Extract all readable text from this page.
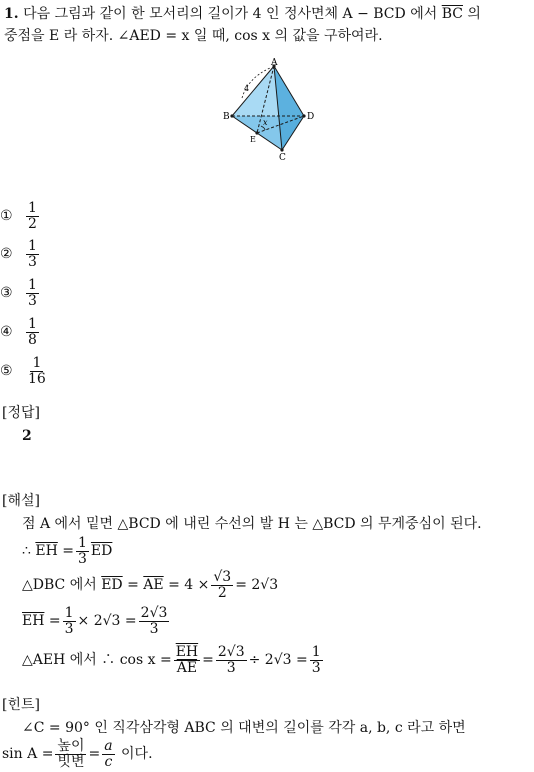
1. 다음 그림과 같이 한 모서리의 길이가 4 인 정사면체 A − BCD 에서 $\overline{BC}$ 의
중점을 E 라 하자. ∠AED = x 일 때, cos x 의 값을 구하여라.
A
B
C
D
E
x
4
① $\frac{1}{2}$
② $\frac{1}{3}$
③ $\frac{1}{3}$
④ $\frac{1}{8}$
⑤ $\frac{1}{16}$
[정답]
2
[해설]
점 A 에서 밑면 △BCD 에 내린 수선의 발 H 는 △BCD 의 무게중심이 된다.
∴
$\overline{EH}$
= $\frac{1}{3} \overline{ED}$
△DBC 에서
$\overline{ED}$
=
$\overline{AE}$
= $4 \times \frac{√3}{2} = 2√3$
$\overline{EH}$
= $\frac{1}{3} \times 2√3 = \frac{2√3}{3}$
△AEH 에서 ∴ $\cos x = \frac{\overline{EH}}{AE} = \frac{2√3}{3} \div 2√3 = \frac{1}{3}$
[힌트]
∠C = 90° 인 직각삼각형 ABC 의 대변의 길이를 각각 a, b, c 라고 하면
$\sin A = \frac{\text{높이}}{\text{빗변}} = \frac{a}{c}$
이다.
